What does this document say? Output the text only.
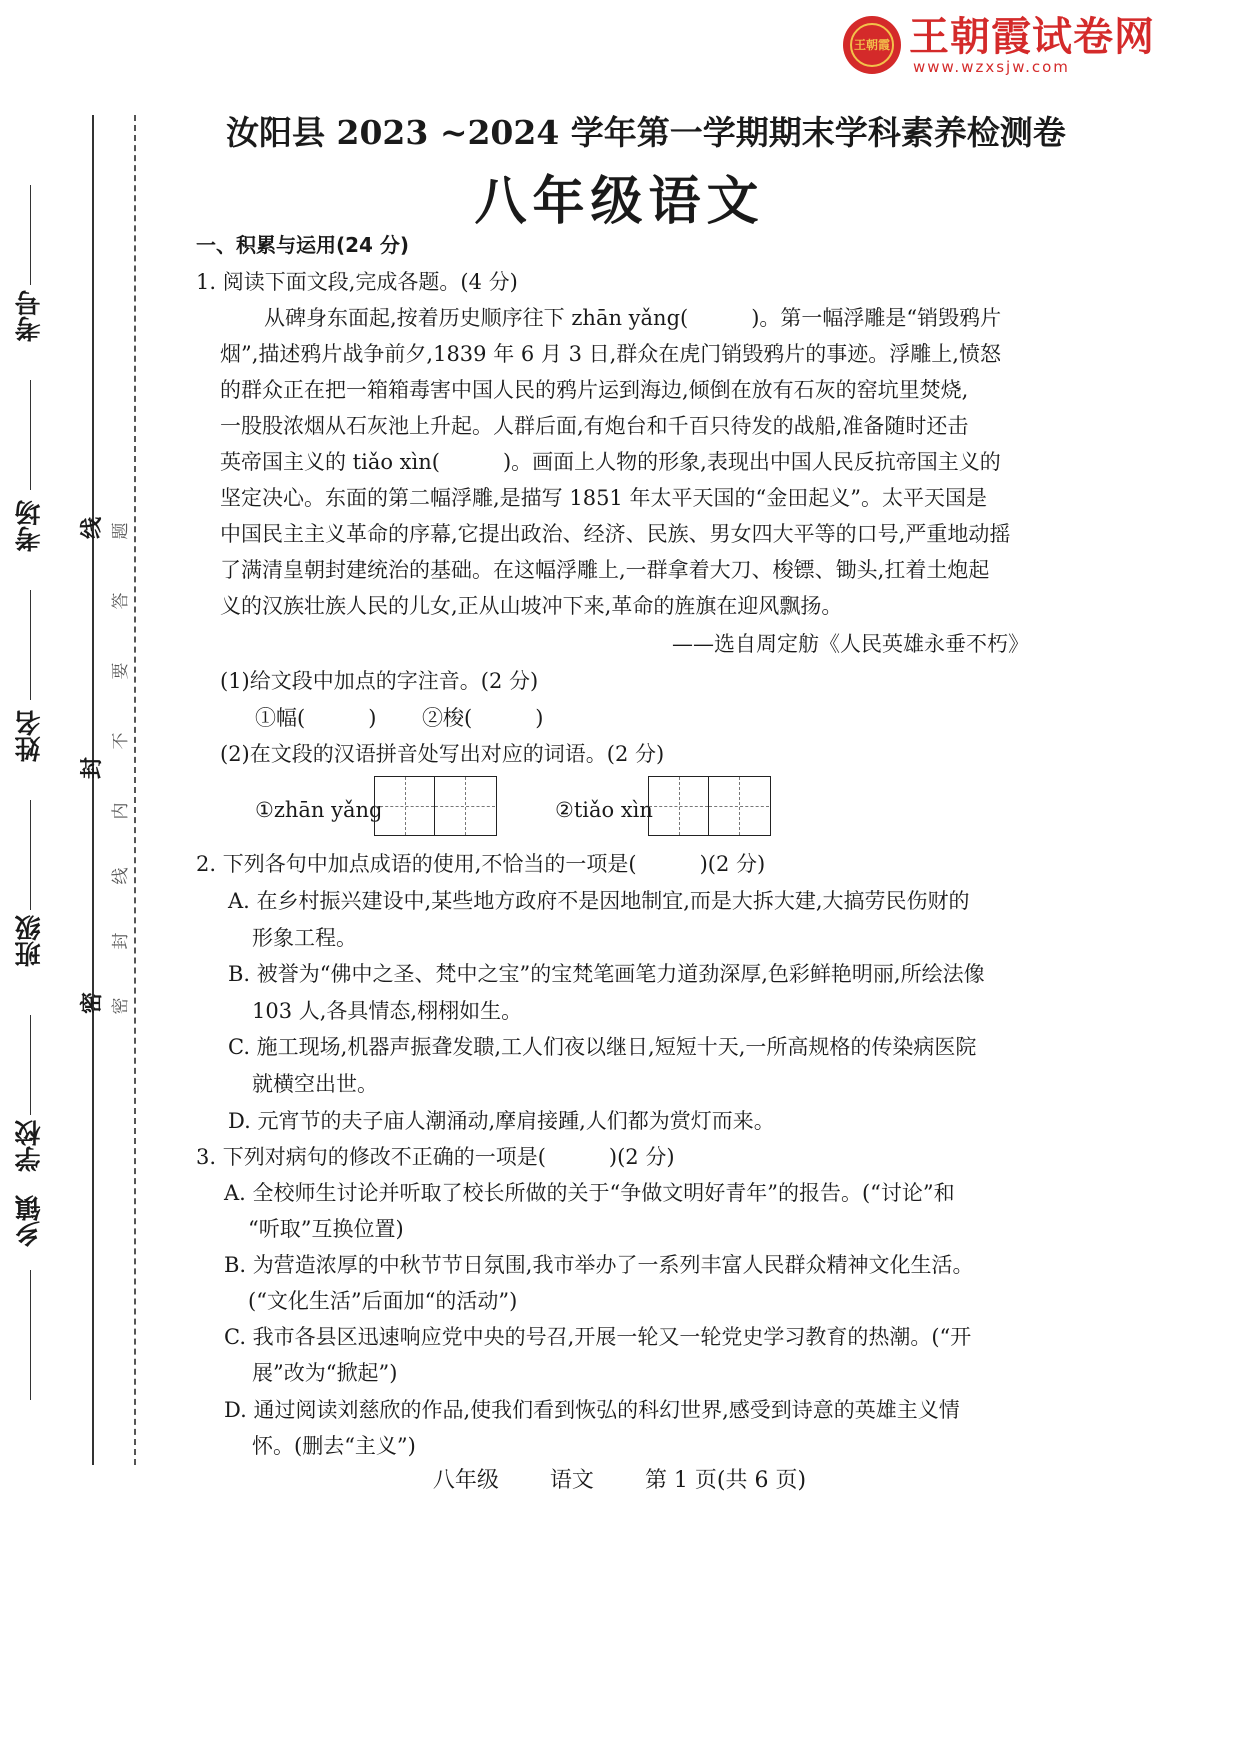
王朝霞 王朝霞试卷网
www.wzxsjw.com
考号
考场
姓名
班级
学校
乡镇
线
封
密
题
答
要
不
内
线
封
密
汝阳县 2023 ~2024 学年第一学期期末学科素养检测卷
八年级语文
一、积累与运用(24 分)
1. 阅读下面文段,完成各题。(4 分)
从碑身东面起,按着历史顺序往下 zhān yǎng(　　　)。第一幅浮雕是“销毁鸦片
烟”,描述鸦片战争前夕,1839 年 6 月 3 日,群众在虎门销毁鸦片的事迹。浮雕上,愤怒
的群众正在把一箱箱毒害中国人民的鸦片运到海边,倾倒在放有石灰的窑坑里焚烧,
一股股浓烟从石灰池上升起。人群后面,有炮台和千百只待发的战船,准备随时还击
英帝国主义的 tiǎo xìn(　　　)。画面上人物的形象,表现出中国人民反抗帝国主义的
坚定决心。东面的第二幅浮雕,是描写 1851 年太平天国的“金田起义”。太平天国是
中国民主主义革命的序幕,它提出政治、经济、民族、男女四大平等的口号,严重地动摇
了满清皇朝封建统治的基础。在这幅浮雕上,一群拿着大刀、梭镖、锄头,扛着土炮起
义的汉族壮族人民的儿女,正从山坡冲下来,革命的旌旗在迎风飘扬。
——选自周定舫《人民英雄永垂不朽》
(1)给文段中加点的字注音。(2 分)
①幅(　　　) ②梭(　　　)
(2)在文段的汉语拼音处写出对应的词语。(2 分)
①zhān yǎng	②tiǎo xìn
2. 下列各句中加点成语的使用,不恰当的一项是(　　　)(2 分)
A. 在乡村振兴建设中,某些地方政府不是因地制宜,而是大拆大建,大搞劳民伤财的
形象工程。
B. 被誉为“佛中之圣、梵中之宝”的宝梵笔画笔力道劲深厚,色彩鲜艳明丽,所绘法像
103 人,各具情态,栩栩如生。
C. 施工现场,机器声振聋发聩,工人们夜以继日,短短十天,一所高规格的传染病医院
就横空出世。
D. 元宵节的夫子庙人潮涌动,摩肩接踵,人们都为赏灯而来。
3. 下列对病句的修改不正确的一项是(　　　)(2 分)
A. 全校师生讨论并听取了校长所做的关于“争做文明好青年”的报告。(“讨论”和
“听取”互换位置)
B. 为营造浓厚的中秋节节日氛围,我市举办了一系列丰富人民群众精神文化生活。
(“文化生活”后面加“的活动”)
C. 我市各县区迅速响应党中央的号召,开展一轮又一轮党史学习教育的热潮。(“开
展”改为“掀起”)
D. 通过阅读刘慈欣的作品,使我们看到恢弘的科幻世界,感受到诗意的英雄主义情
怀。(删去“主义”)
八年级 语文 第 1 页(共 6 页)
